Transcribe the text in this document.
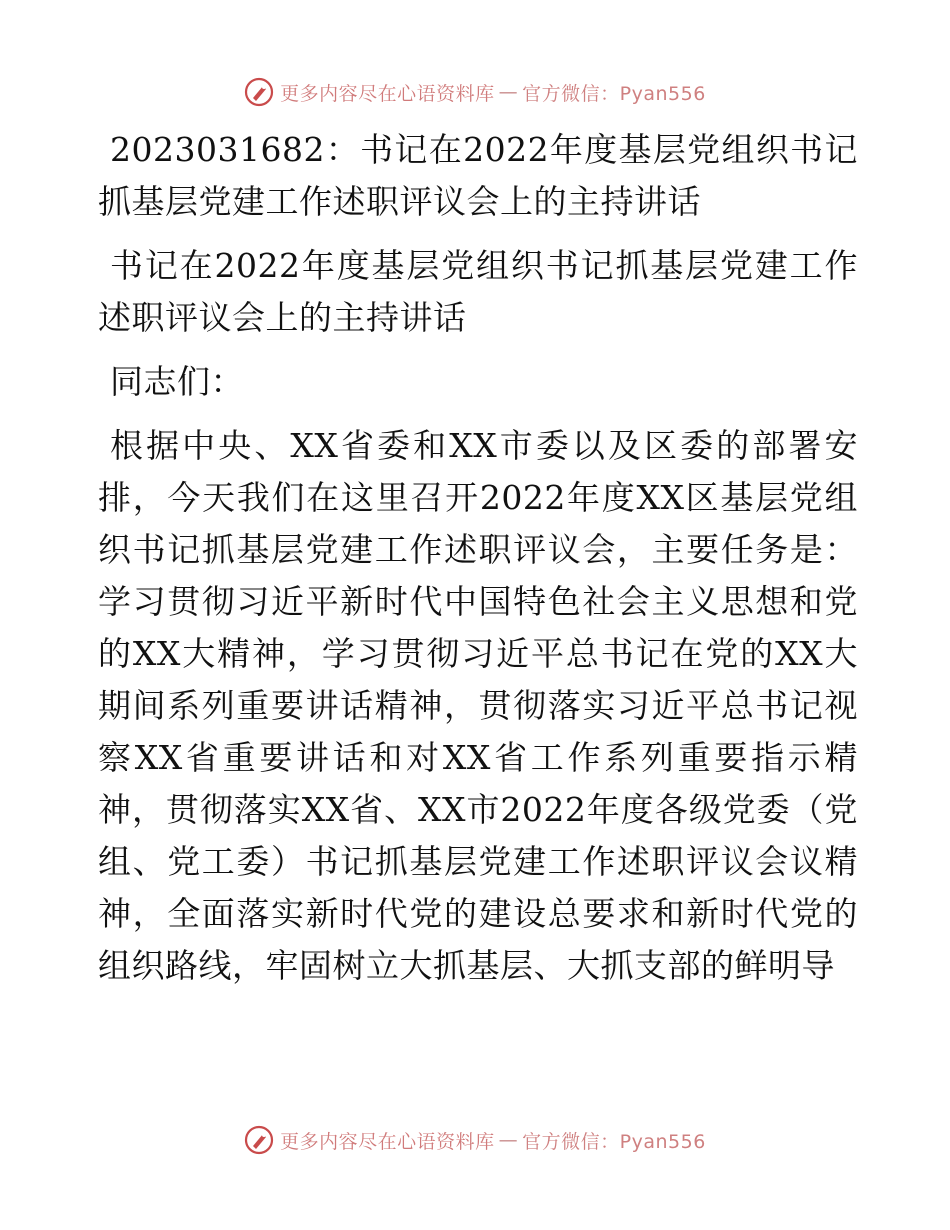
更多内容尽在心语资料库 — 官方微信：Pyan556

2023031682：书记在2022年度基层党组织书记抓基层党建工作述职评议会上的主持讲话

书记在2022年度基层党组织书记抓基层党建工作述职评议会上的主持讲话

同志们：

根据中央、XX省委和XX市委以及区委的部署安排，今天我们在这里召开2022年度XX区基层党组织书记抓基层党建工作述职评议会，主要任务是：学习贯彻习近平新时代中国特色社会主义思想和党的XX大精神，学习贯彻习近平总书记在党的XX大期间系列重要讲话精神，贯彻落实习近平总书记视察XX省重要讲话和对XX省工作系列重要指示精神，贯彻落实XX省、XX市2022年度各级党委（党组、党工委）书记抓基层党建工作述职评议会议精神，全面落实新时代党的建设总要求和新时代党的组织路线，牢固树立大抓基层、大抓支部的鲜明导

更多内容尽在心语资料库 — 官方微信：Pyan556
